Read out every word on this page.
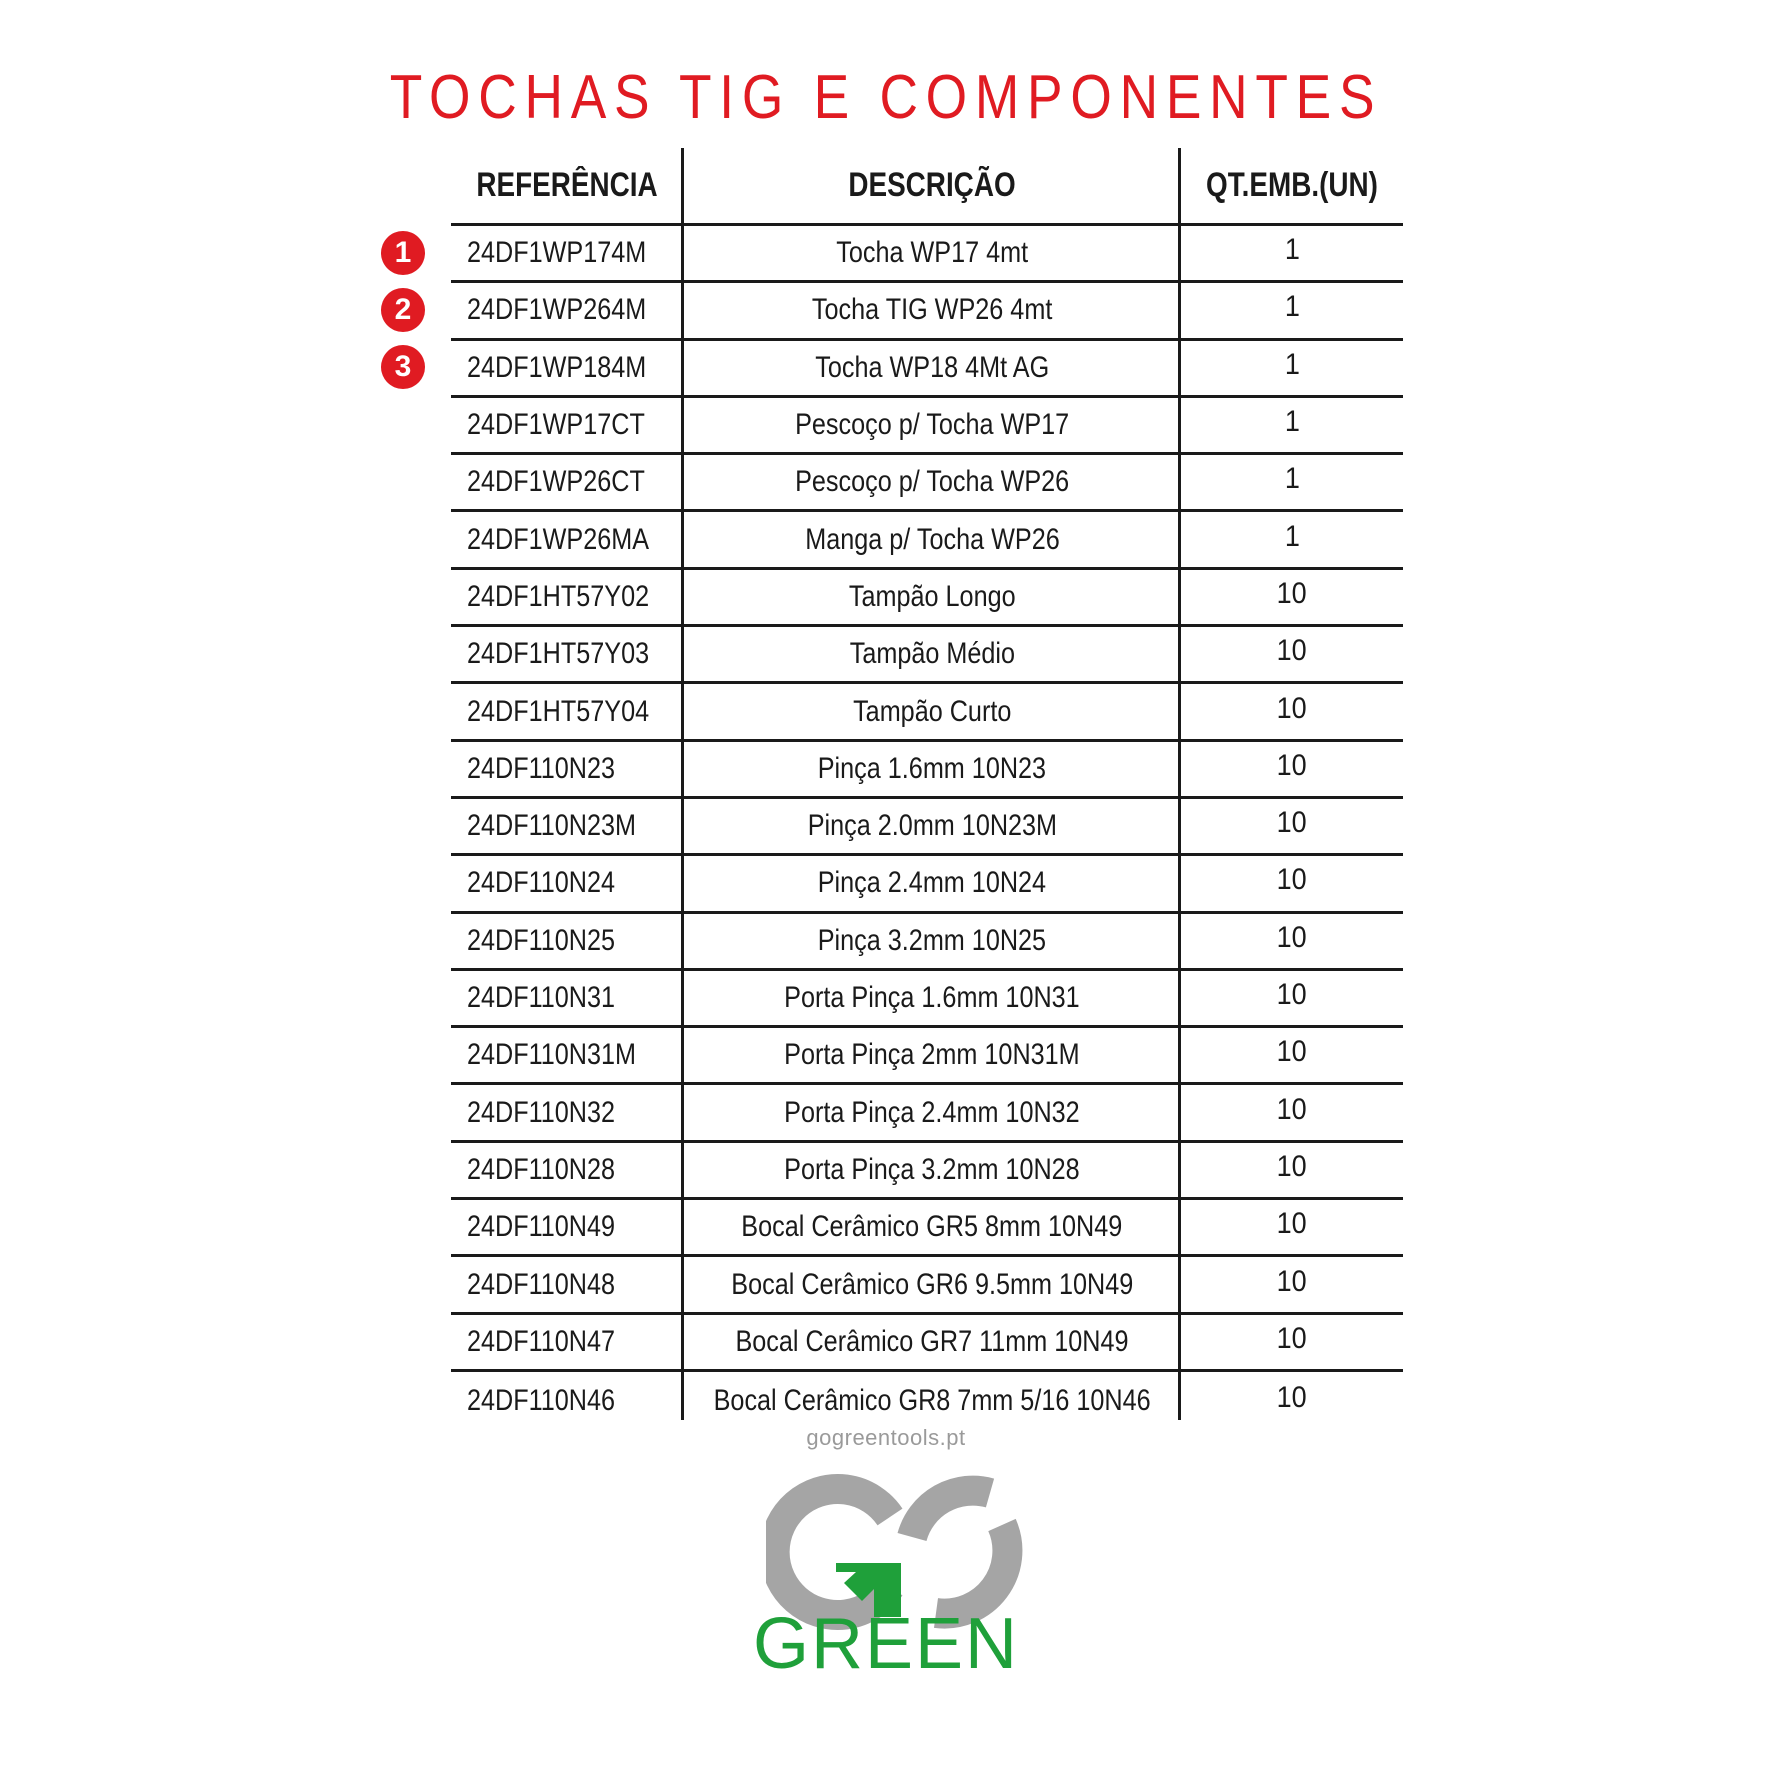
TOCHAS TIG E COMPONENTES
REFERÊNCIA	DESCRIÇÃO	QT.EMB.(UN)
1	24DF1WP174M	Tocha WP17 4mt	1
2	24DF1WP264M	Tocha TIG WP26 4mt	1
3	24DF1WP184M	Tocha WP18 4Mt AG	1
24DF1WP17CT	Pescoço p/ Tocha WP17	1
24DF1WP26CT	Pescoço p/ Tocha WP26	1
24DF1WP26MA	Manga p/ Tocha WP26	1
24DF1HT57Y02	Tampão Longo	10
24DF1HT57Y03	Tampão Médio	10
24DF1HT57Y04	Tampão Curto	10
24DF110N23	Pinça 1.6mm 10N23	10
24DF110N23M	Pinça 2.0mm 10N23M	10
24DF110N24	Pinça 2.4mm 10N24	10
24DF110N25	Pinça 3.2mm 10N25	10
24DF110N31	Porta Pinça 1.6mm 10N31	10
24DF110N31M	Porta Pinça 2mm 10N31M	10
24DF110N32	Porta Pinça 2.4mm 10N32	10
24DF110N28	Porta Pinça 3.2mm 10N28	10
24DF110N49	Bocal Cerâmico GR5 8mm 10N49	10
24DF110N48	Bocal Cerâmico GR6 9.5mm 10N49	10
24DF110N47	Bocal Cerâmico GR7 11mm 10N49	10
24DF110N46	Bocal Cerâmico GR8 7mm 5/16 10N46	10
gogreentools.pt
GREEN
